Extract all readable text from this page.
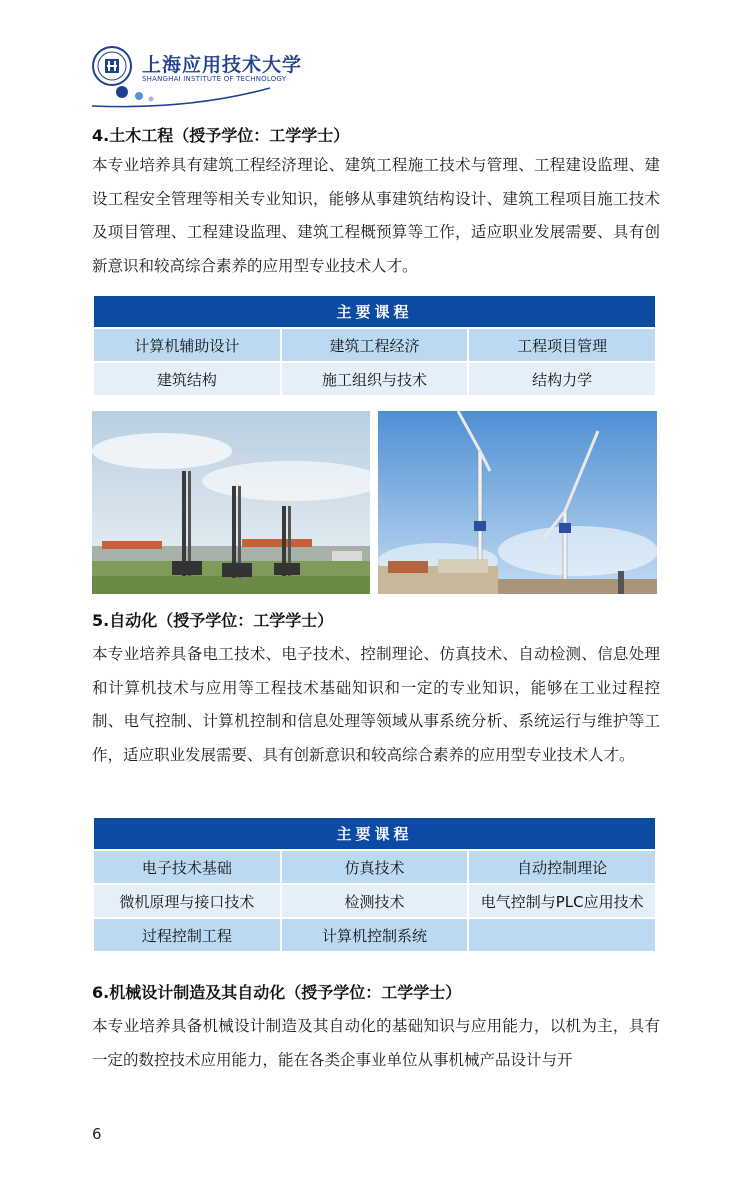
上海应用技术大学
SHANGHAI INSTITUTE OF TECHNOLOGY
4.土木工程（授予学位：工学学士）
本专业培养具有建筑工程经济理论、建筑工程施工技术与管理、工程建设监理、建设工程安全管理等相关专业知识，能够从事建筑结构设计、建筑工程项目施工技术及项目管理、工程建设监理、建筑工程概预算等工作，适应职业发展需要、具有创新意识和较高综合素养的应用型专业技术人才。
主要课程		
计算机辅助设计	建筑工程经济	工程项目管理
建筑结构	施工组织与技术	结构力学
5.自动化（授予学位：工学学士）
本专业培养具备电工技术、电子技术、控制理论、仿真技术、自动检测、信息处理和计算机技术与应用等工程技术基础知识和一定的专业知识，能够在工业过程控制、电气控制、计算机控制和信息处理等领域从事系统分析、系统运行与维护等工作，适应职业发展需要、具有创新意识和较高综合素养的应用型专业技术人才。
主要课程		
电子技术基础	仿真技术	自动控制理论
微机原理与接口技术	检测技术	电气控制与PLC应用技术
过程控制工程	计算机控制系统	
6.机械设计制造及其自动化（授予学位：工学学士）
本专业培养具备机械设计制造及其自动化的基础知识与应用能力，以机为主，具有一定的数控技术应用能力，能在各类企事业单位从事机械产品设计与开
6
